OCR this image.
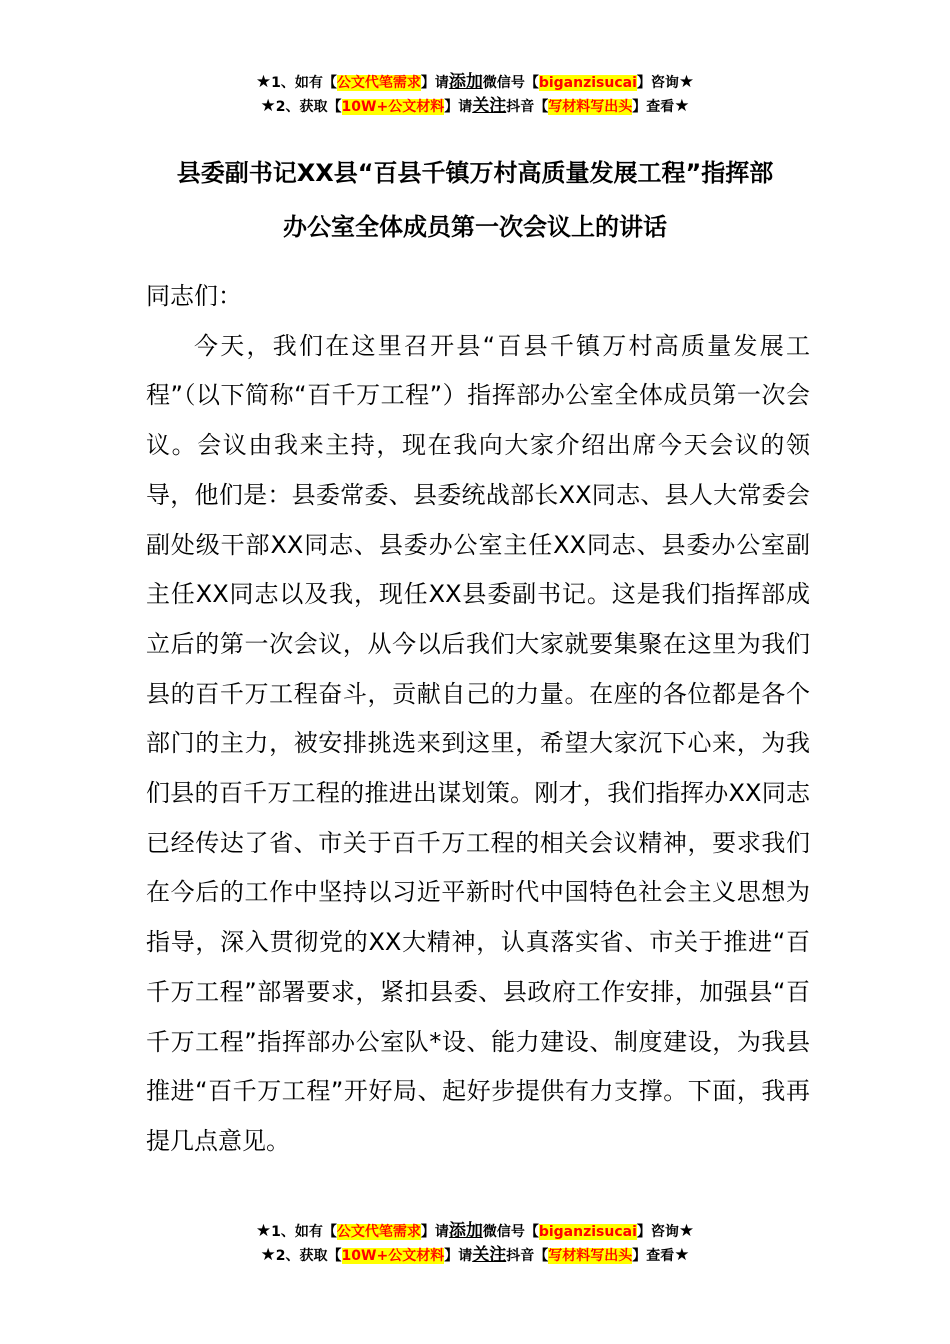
★1、如有【公文代笔需求】请添加微信号【biganzisucai】咨询★
★2、获取【10W+公文材料】请关注抖音【写材料写出头】查看★
县委副书记XX县“百县千镇万村高质量发展工程”指挥部
办公室全体成员第一次会议上的讲话

同志们：

今天，我们在这里召开县“百县千镇万村高质量发展工程”（以下简称“百千万工程”）指挥部办公室全体成员第一次会议。会议由我来主持，现在我向大家介绍出席今天会议的领导，他们是：县委常委、县委统战部长XX同志、县人大常委会副处级干部XX同志、县委办公室主任XX同志、县委办公室副主任XX同志以及我，现任XX县委副书记。这是我们指挥部成立后的第一次会议，从今以后我们大家就要集聚在这里为我们县的百千万工程奋斗，贡献自己的力量。在座的各位都是各个部门的主力，被安排挑选来到这里，希望大家沉下心来，为我们县的百千万工程的推进出谋划策。刚才，我们指挥办XX同志已经传达了省、市关于百千万工程的相关会议精神，要求我们在今后的工作中坚持以习近平新时代中国特色社会主义思想为指导，深入贯彻党的XX大精神，认真落实省、市关于推进“百千万工程”部署要求，紧扣县委、县政府工作安排，加强县“百千万工程”指挥部办公室队*设、能力建设、制度建设，为我县推进“百千万工程”开好局、起好步提供有力支撑。下面，我再提几点意见。

★1、如有【公文代笔需求】请添加微信号【biganzisucai】咨询★
★2、获取【10W+公文材料】请关注抖音【写材料写出头】查看★
